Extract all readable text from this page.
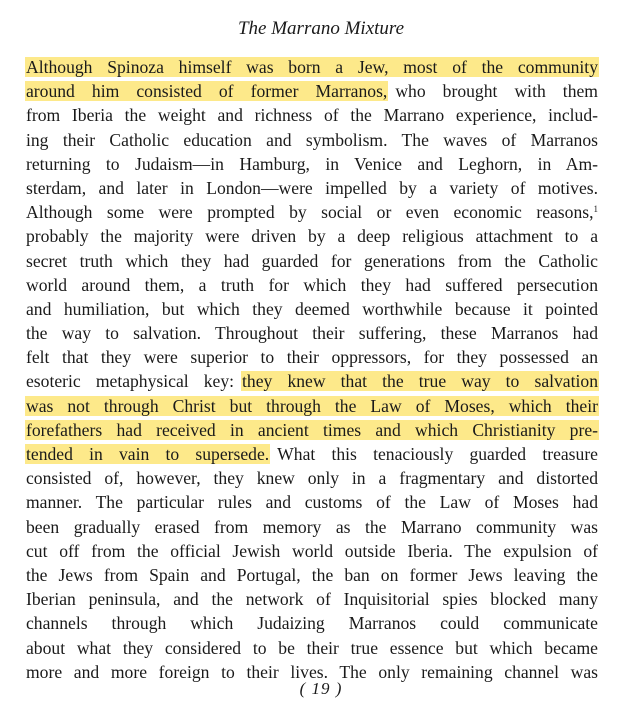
The Marrano Mixture
Although Spinoza himself was born a Jew, most of the community
around him consisted of former Marranos, who brought with them
from Iberia the weight and richness of the Marrano experience, includ-
ing their Catholic education and symbolism. The waves of Marranos
returning to Judaism—in Hamburg, in Venice and Leghorn, in Am-
sterdam, and later in London—were impelled by a variety of motives.
Although some were prompted by social or even economic reasons,$^1$
probably the majority were driven by a deep religious attachment to a
secret truth which they had guarded for generations from the Catholic
world around them, a truth for which they had suffered persecution
and humiliation, but which they deemed worthwhile because it pointed
the way to salvation. Throughout their suffering, these Marranos had
felt that they were superior to their oppressors, for they possessed an
esoteric metaphysical key: they knew that the true way to salvation
was not through Christ but through the Law of Moses, which their
forefathers had received in ancient times and which Christianity pre-
tended in vain to supersede. What this tenaciously guarded treasure
consisted of, however, they knew only in a fragmentary and distorted
manner. The particular rules and customs of the Law of Moses had
been gradually erased from memory as the Marrano community was
cut off from the official Jewish world outside Iberia. The expulsion of
the Jews from Spain and Portugal, the ban on former Jews leaving the
Iberian peninsula, and the network of Inquisitorial spies blocked many
channels through which Judaizing Marranos could communicate
about what they considered to be their true essence but which became
more and more foreign to their lives. The only remaining channel was
( 19 )
